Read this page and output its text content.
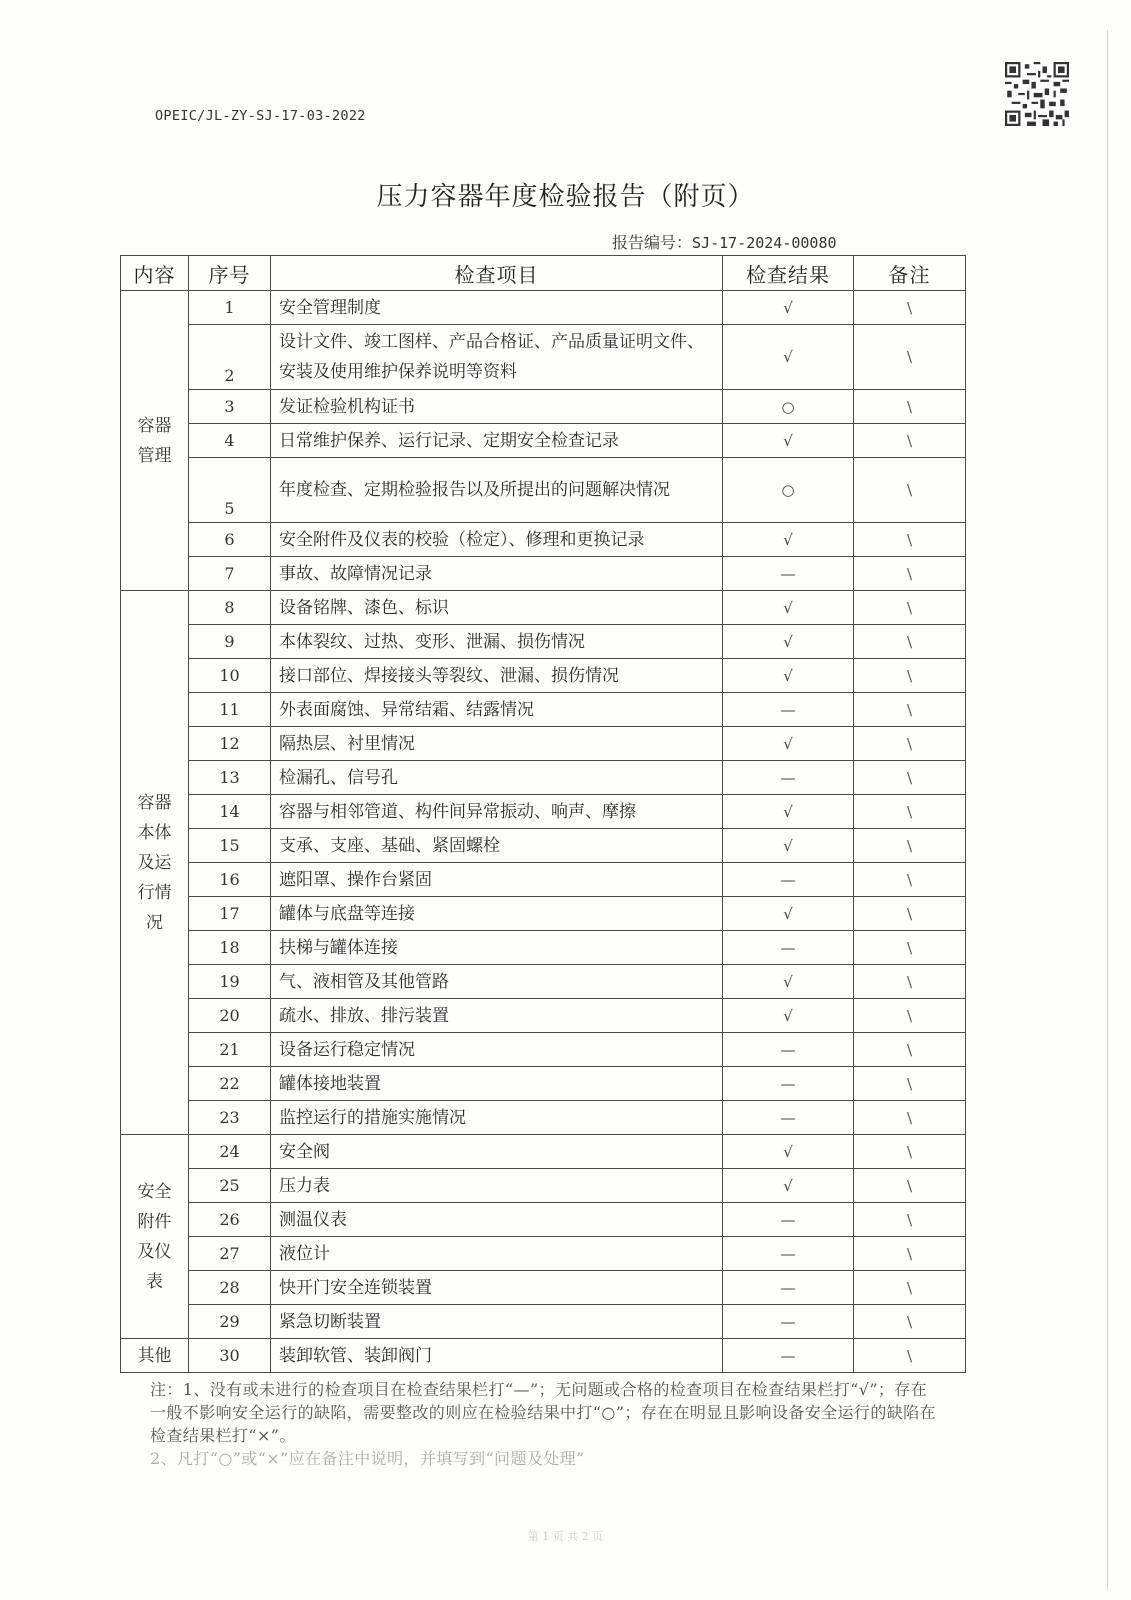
OPEIC/JL-ZY-SJ-17-03-2022
压力容器年度检验报告（附页）
报告编号：SJ-17-2024-00080
内容	序号	检查项目	检查结果	备注
容器管理	1	安全管理制度	√	\
	2	设计文件、竣工图样、产品合格证、产品质量证明文件、安装及使用维护保养说明等资料	√	\
	3	发证检验机构证书	○	\
	4	日常维护保养、运行记录、定期安全检查记录	√	\
	5	年度检查、定期检验报告以及所提出的问题解决情况	○	\
	6	安全附件及仪表的校验（检定）、修理和更换记录	√	\
	7	事故、故障情况记录	—	\
容器本体及运行情况	8	设备铭牌、漆色、标识	√	\
	9	本体裂纹、过热、变形、泄漏、损伤情况	√	\
	10	接口部位、焊接接头等裂纹、泄漏、损伤情况	√	\
	11	外表面腐蚀、异常结霜、结露情况	—	\
	12	隔热层、衬里情况	√	\
	13	检漏孔、信号孔	—	\
	14	容器与相邻管道、构件间异常振动、响声、摩擦	√	\
	15	支承、支座、基础、紧固螺栓	√	\
	16	遮阳罩、操作台紧固	—	\
	17	罐体与底盘等连接	√	\
	18	扶梯与罐体连接	—	\
	19	气、液相管及其他管路	√	\
	20	疏水、排放、排污装置	√	\
	21	设备运行稳定情况	—	\
	22	罐体接地装置	—	\
	23	监控运行的措施实施情况	—	\
安全附件及仪表	24	安全阀	√	\
	25	压力表	√	\
	26	测温仪表	—	\
	27	液位计	—	\
	28	快开门安全连锁装置	—	\
	29	紧急切断装置	—	\
其他	30	装卸软管、装卸阀门	—	\

注：1、没有或未进行的检查项目在检查结果栏打“—”；无问题或合格的检查项目在检查结果栏打“√”；存在一般不影响安全运行的缺陷，需要整改的则应在检验结果中打“○”；存在在明显且影响设备安全运行的缺陷在检查结果栏打“×”。

2、凡打“○”或“×”应在备注中说明，并填写到“问题及处理”

第 1 页 共 2 页
